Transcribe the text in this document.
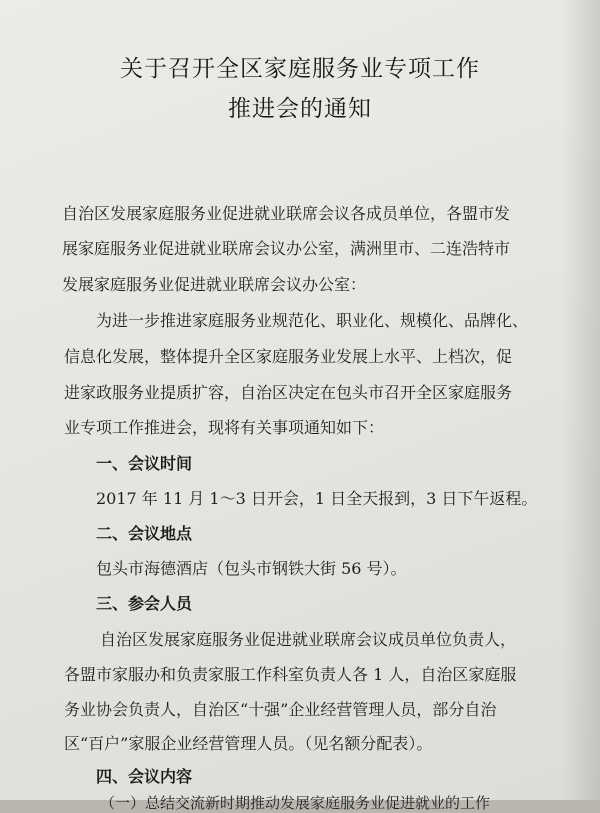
关于召开全区家庭服务业专项工作
推进会的通知
自治区发展家庭服务业促进就业联席会议各成员单位，各盟市发
展家庭服务业促进就业联席会议办公室，满洲里市、二连浩特市
发展家庭服务业促进就业联席会议办公室：
为进一步推进家庭服务业规范化、职业化、规模化、品牌化、
信息化发展，整体提升全区家庭服务业发展上水平、上档次，促
进家政服务业提质扩容，自治区决定在包头市召开全区家庭服务
业专项工作推进会，现将有关事项通知如下：
一、会议时间
2017 年 11 月 1～3 日开会，1 日全天报到，3 日下午返程。
二、会议地点
包头市海德酒店（包头市钢铁大街 56 号）。
三、参会人员
自治区发展家庭服务业促进就业联席会议成员单位负责人，
各盟市家服办和负责家服工作科室负责人各 1 人，自治区家庭服
务业协会负责人，自治区“十强”企业经营管理人员，部分自治
区“百户”家服企业经营管理人员。（见名额分配表）。
四、会议内容
（一）总结交流新时期推动发展家庭服务业促进就业的工作
